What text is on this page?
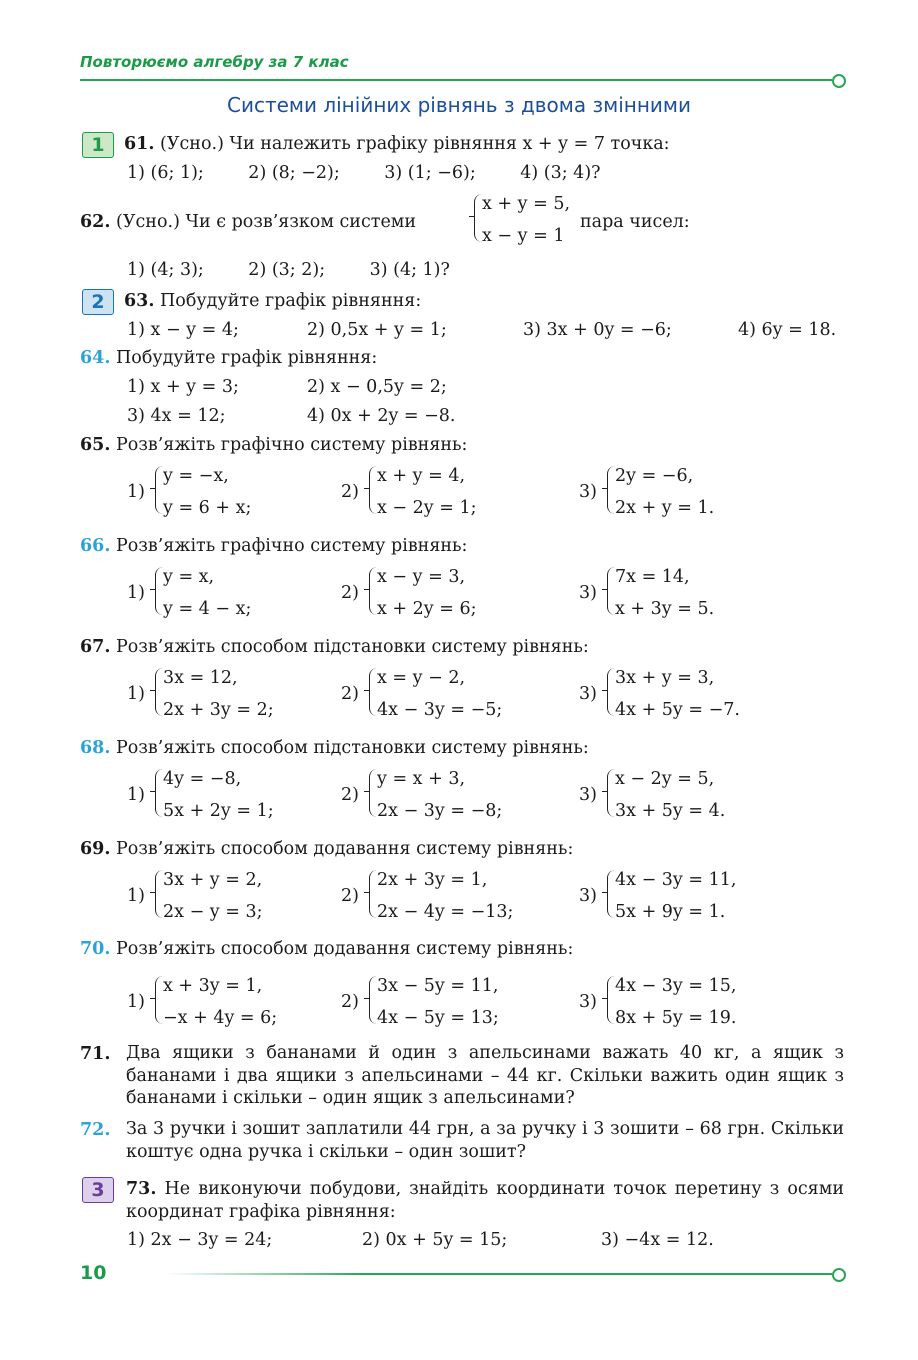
Повторюємо алгебру за 7 клас
Системи лінійних рівнянь з двома змінними
1	61. (Усно.) Чи належить графіку рівняння x + y = 7 точка:
1) (6; 1);        2) (8; −2);        3) (1; −6);        4) (3; 4)?
62. (Усно.) Чи є розв’язком системи
x + y = 5,
x − y = 1
пара чисел:
1) (4; 3);        2) (3; 2);        3) (4; 1)?
2	63. Побудуйте графік рівняння:
1) x − y = 4;	2) 0,5x + y = 1;	3) 3x + 0y = −6;	4) 6y = 18.
64. Побудуйте графік рівняння:
1) x + y = 3;	2) x − 0,5y = 2;
3) 4x = 12;	4) 0x + 2y = −8.
65. Розв’яжіть графічно систему рівнянь:
1)
y = −x,
y = 6 + x;
2)
x + y = 4,
x − 2y = 1;
3)
2y = −6,
2x + y = 1.
66. Розв’яжіть графічно систему рівнянь:
1)
y = x,
y = 4 − x;
2)
x − y = 3,
x + 2y = 6;
3)
7x = 14,
x + 3y = 5.
67. Розв’яжіть способом підстановки систему рівнянь:
1)
3x = 12,
2x + 3y = 2;
2)
x = y − 2,
4x − 3y = −5;
3)
3x + y = 3,
4x + 5y = −7.
68. Розв’яжіть способом підстановки систему рівнянь:
1)
4y = −8,
5x + 2y = 1;
2)
y = x + 3,
2x − 3y = −8;
3)
x − 2y = 5,
3x + 5y = 4.
69. Розв’яжіть способом додавання систему рівнянь:
1)
3x + y = 2,
2x − y = 3;
2)
2x + 3y = 1,
2x − 4y = −13;
3)
4x − 3y = 11,
5x + 9y = 1.
70. Розв’яжіть способом додавання систему рівнянь:
1)
x + 3y = 1,
−x + 4y = 6;
2)
3x − 5y = 11,
4x − 5y = 13;
3)
4x − 3y = 15,
8x + 5y = 19.
71. Два ящики з бананами й один з апельсинами важать 40 кг, а ящик з бананами і два ящики з апельсинами – 44 кг. Скільки важить один ящик з бананами і скільки – один ящик з апельсинами?
72. За 3 ручки і зошит заплатили 44 грн, а за ручку і 3 зошити – 68 грн. Скільки коштує одна ручка і скільки – один зошит?
3	73. Не виконуючи побудови, знайдіть координати точок перетину з осями координат графіка рівняння:
1) 2x − 3y = 24;	2) 0x + 5y = 15;	3) −4x = 12.
10
